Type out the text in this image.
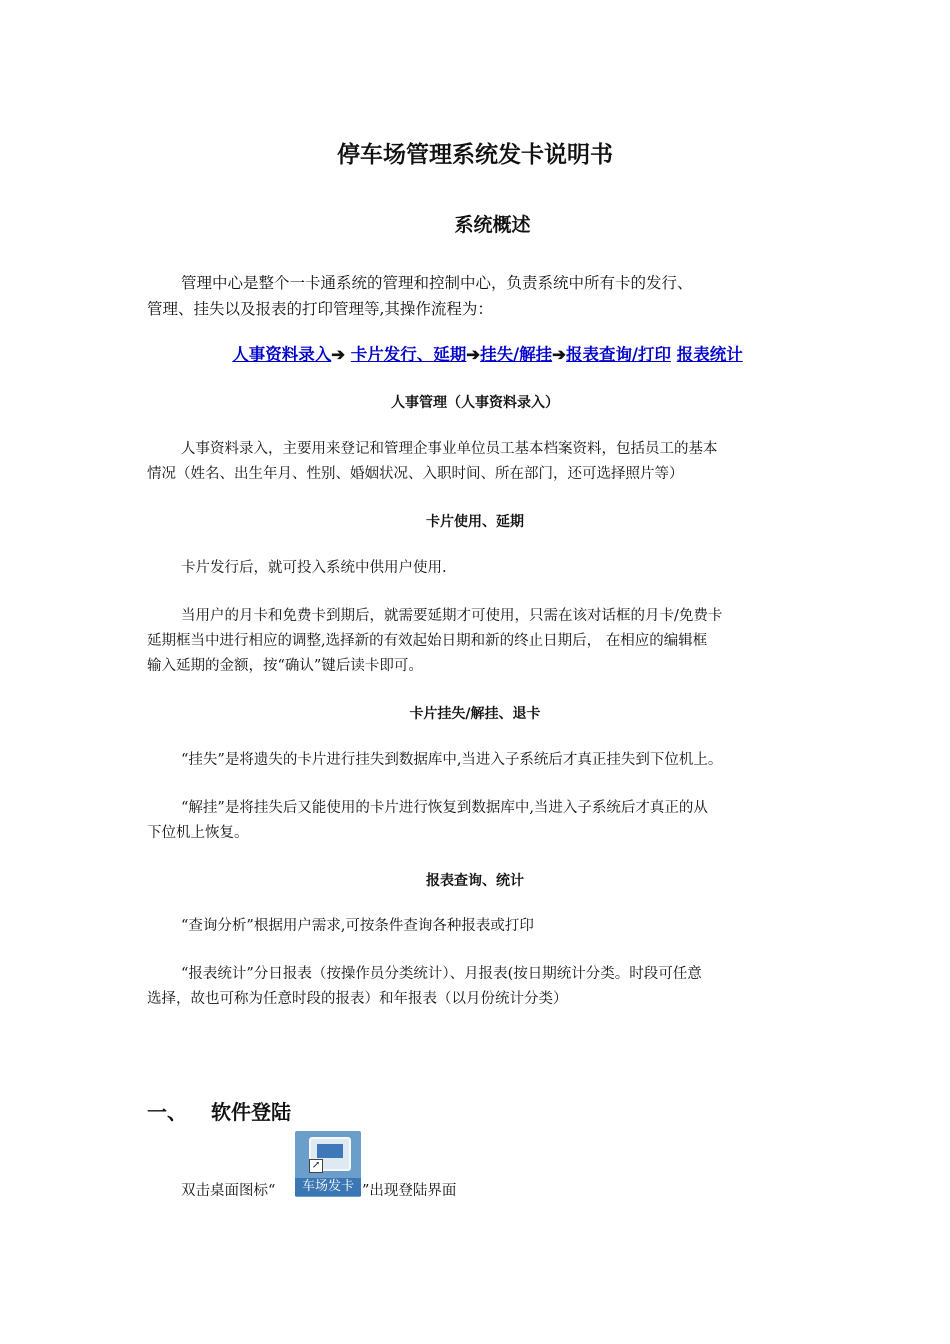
停车场管理系统发卡说明书
系统概述
管理中心是整个一卡通系统的管理和控制中心，负责系统中所有卡的发行、
管理、挂失以及报表的打印管理等,其操作流程为：
人事资料录入➔ 卡片发行、延期➔挂失/解挂➔报表查询/打印 报表统计
人事管理（人事资料录入）
人事资料录入，主要用来登记和管理企事业单位员工基本档案资料，包括员工的基本
情况（姓名、出生年月、性别、婚姻状况、入职时间、所在部门，还可选择照片等）
卡片使用、延期
卡片发行后，就可投入系统中供用户使用.
当用户的月卡和免费卡到期后，就需要延期才可使用，只需在该对话框的月卡/免费卡
延期框当中进行相应的调整,选择新的有效起始日期和新的终止日期后， 在相应的编辑框
输入延期的金额，按“确认”键后读卡即可。
卡片挂失/解挂、退卡
“挂失”是将遗失的卡片进行挂失到数据库中,当进入子系统后才真正挂失到下位机上。
“解挂”是将挂失后又能使用的卡片进行恢复到数据库中,当进入子系统后才真正的从
下位机上恢复。
报表查询、统计
“查询分析”根据用户需求,可按条件查询各种报表或打印
“报表统计”分日报表（按操作员分类统计）、月报表(按日期统计分类。时段可任意
选择，故也可称为任意时段的报表）和年报表（以月份统计分类）
一、 软件登陆
双击桌面图标“
↗
车场发卡 ”出现登陆界面
